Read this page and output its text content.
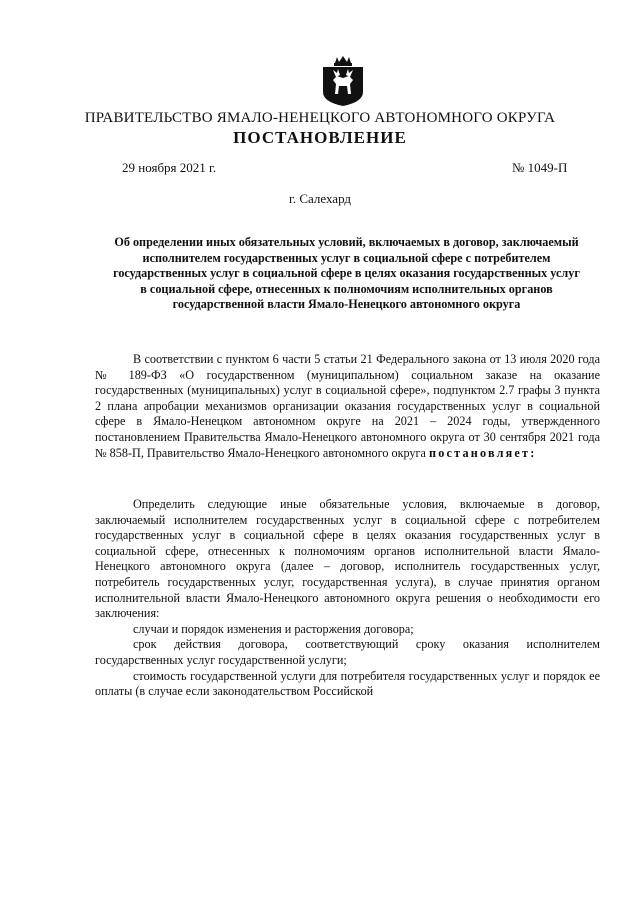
ПРАВИТЕЛЬСТВО ЯМАЛО-НЕНЕЦКОГО АВТОНОМНОГО ОКРУГА
ПОСТАНОВЛЕНИЕ
29 ноября 2021 г.	№ 1049-П
г. Салехард
Об определении иных обязательных условий, включаемых в договор, заключаемый исполнителем государственных услуг в социальной сфере с потребителем государственных услуг в социальной сфере в целях оказания государственных услуг в социальной сфере, отнесенных к полномочиям исполнительных органов государственной власти Ямало-Ненецкого автономного округа

В соответствии с пунктом 6 части 5 статьи 21 Федерального закона от 13 июля 2020 года № 189-ФЗ «О государственном (муниципальном) социальном заказе на оказание государственных (муниципальных) услуг в социальной сфере», подпунктом 2.7 графы 3 пункта 2 плана апробации механизмов организации оказания государственных услуг в социальной сфере в Ямало-Ненецком автономном округе на 2021 – 2024 годы, утвержденного постановлением Правительства Ямало-Ненецкого автономного округа от 30 сентября 2021 года № 858-П, Правительство Ямало-Ненецкого автономного округа постановляет:

Определить следующие иные обязательные условия, включаемые в договор, заключаемый исполнителем государственных услуг в социальной сфере с потребителем государственных услуг в социальной сфере в целях оказания государственных услуг в социальной сфере, отнесенных к полномочиям органов исполнительной власти Ямало-Ненецкого автономного округа (далее – договор, исполнитель государственных услуг, потребитель государственных услуг, государственная услуга), в случае принятия органом исполнительной власти Ямало-Ненецкого автономного округа решения о необходимости его заключения:

случаи и порядок изменения и расторжения договора;

срок действия договора, соответствующий сроку оказания исполнителем государственных услуг государственной услуги;

стоимость государственной услуги для потребителя государственных услуг и порядок ее оплаты (в случае если законодательством Российской
